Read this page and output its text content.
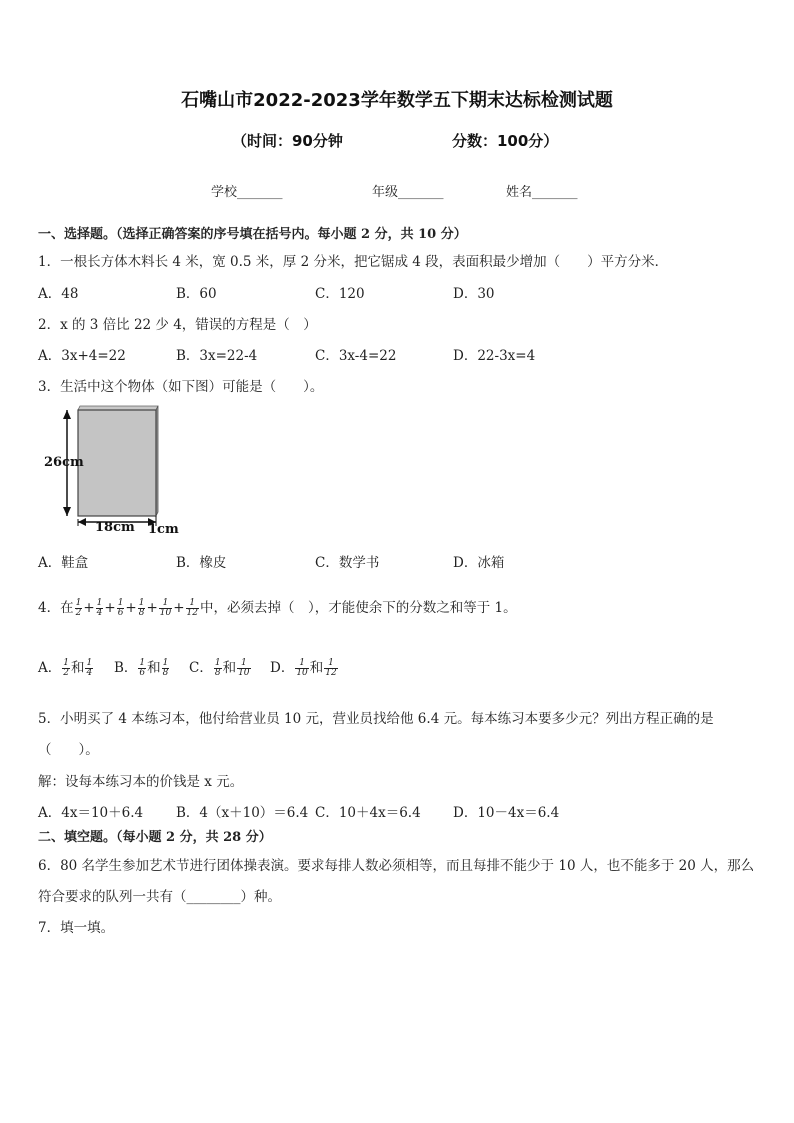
石嘴山市2022-2023学年数学五下期末达标检测试题
（时间：90分钟	分数：100分）
学校_______	年级_______	姓名_______
一、选择题。（选择正确答案的序号填在括号内。每小题 2 分，共 10 分）
1．一根长方体木料长 4 米，宽 0.5 米，厚 2 分米，把它锯成 4 段，表面积最少增加（　　）平方分米．
A．48	B．60	C．120	D．30
2．x 的 3 倍比 22 少 4，错误的方程是（　）
A．3x+4=22	B．3x=22-4	C．3x-4=22	D．22-3x=4
3．生活中这个物体（如下图）可能是（　　）。
26cm
18cm 1cm
A．鞋盒	B．橡皮	C．数学书	D．冰箱
4．在 $\frac{1}{2} + \frac{1}{4} + \frac{1}{6} + \frac{1}{8} + \frac{1}{10} + \frac{1}{12}$ 中，必须去掉（　），才能使余下的分数之和等于 1。
A． $\frac{1}{2}$ 和 $\frac{1}{4}$ B． $\frac{1}{6}$ 和 $\frac{1}{8}$ C． $\frac{1}{8}$ 和 $\frac{1}{10}$ D． $\frac{1}{10}$ 和 $\frac{1}{12}$
5．小明买了 4 本练习本，他付给营业员 10 元，营业员找给他 6.4 元。每本练习本要多少元？列出方程正确的是
（　　）。
解：设每本练习本的价钱是 x 元。
A．4x＝10＋6.4 B．4（x＋10）＝6.4 C．10＋4x＝6.4 D．10－4x＝6.4
二、填空题。（每小题 2 分，共 28 分）
6．80 名学生参加艺术节进行团体操表演。要求每排人数必须相等，而且每排不能少于 10 人，也不能多于 20 人，那么
符合要求的队列一共有（________）种。
7．填一填。
